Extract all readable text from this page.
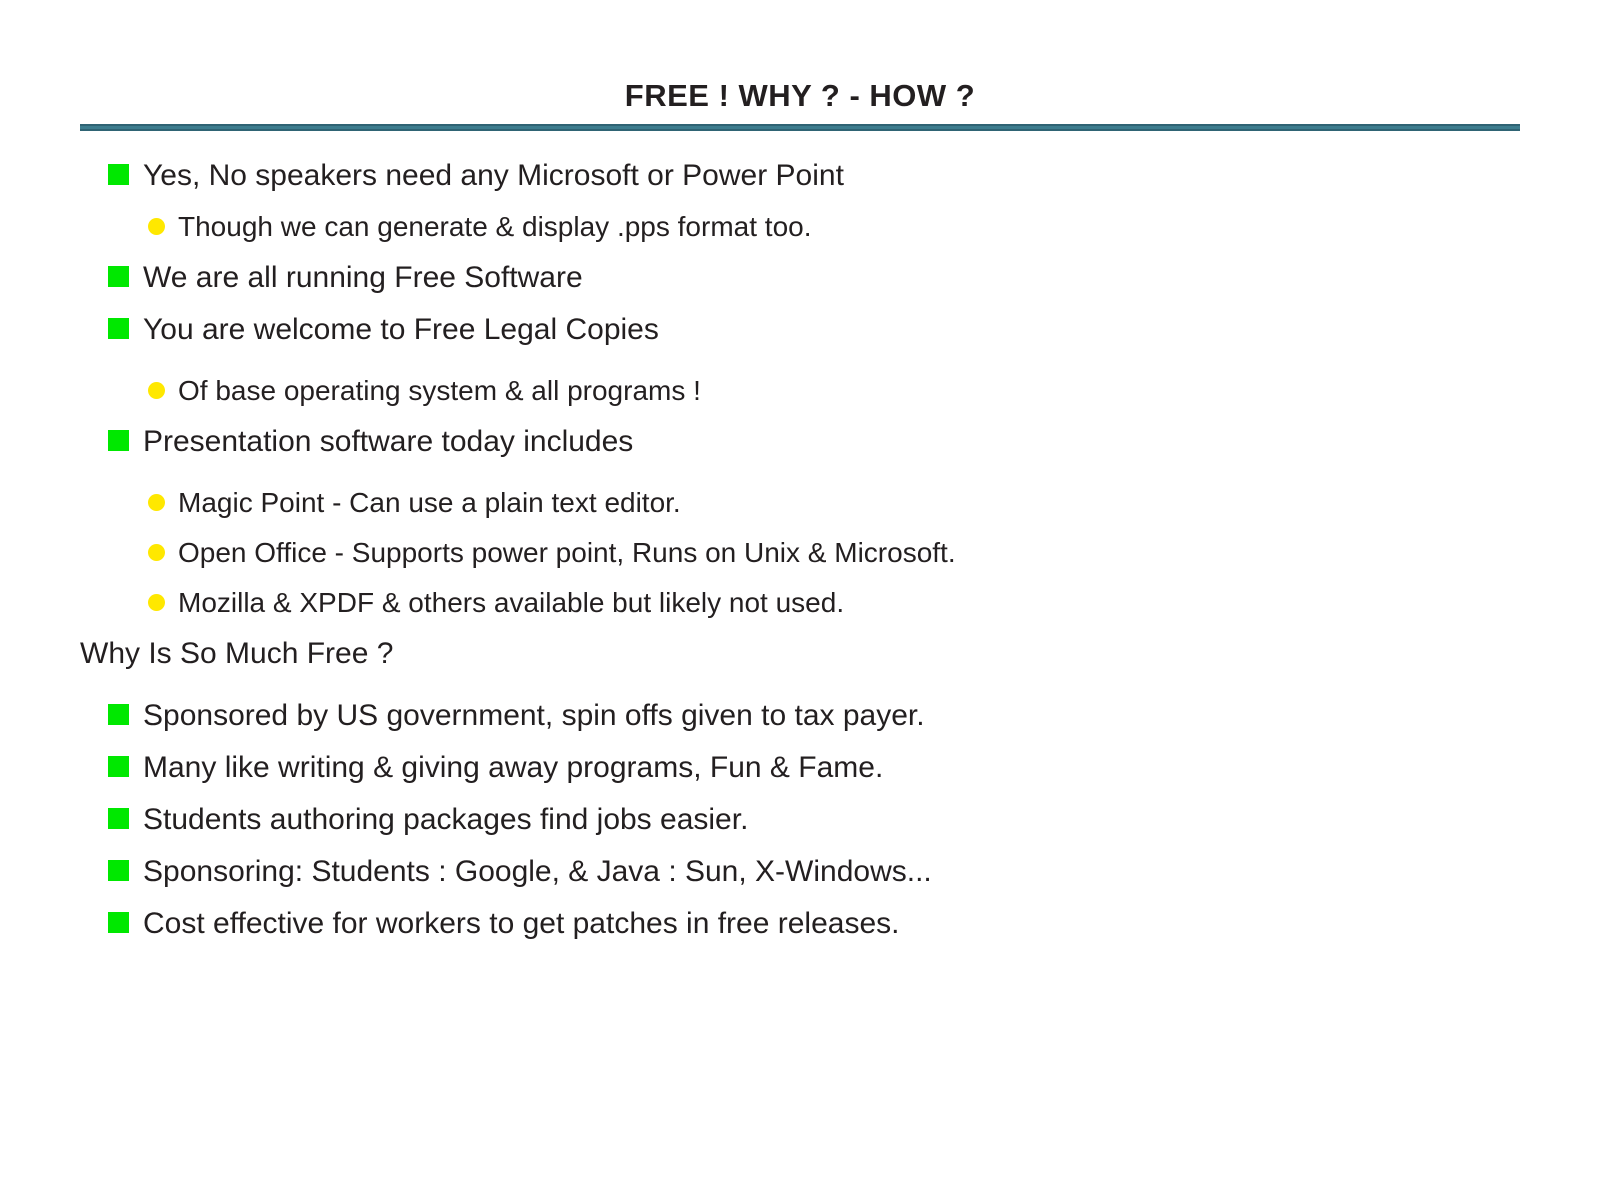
FREE ! WHY ? - HOW ?
Yes, No speakers need any Microsoft or Power Point
Though we can generate & display .pps format too.
We are all running Free Software
You are welcome to Free Legal Copies
Of base operating system & all programs !
Presentation software today includes
Magic Point - Can use a plain text editor.
Open Office - Supports power point, Runs on Unix & Microsoft.
Mozilla & XPDF & others available but likely not used.
Why Is So Much Free ?
Sponsored by US government, spin offs given to tax payer.
Many like writing & giving away programs, Fun & Fame.
Students authoring packages find jobs easier.
Sponsoring: Students : Google, & Java : Sun, X-Windows...
Cost effective for workers to get patches in free releases.
